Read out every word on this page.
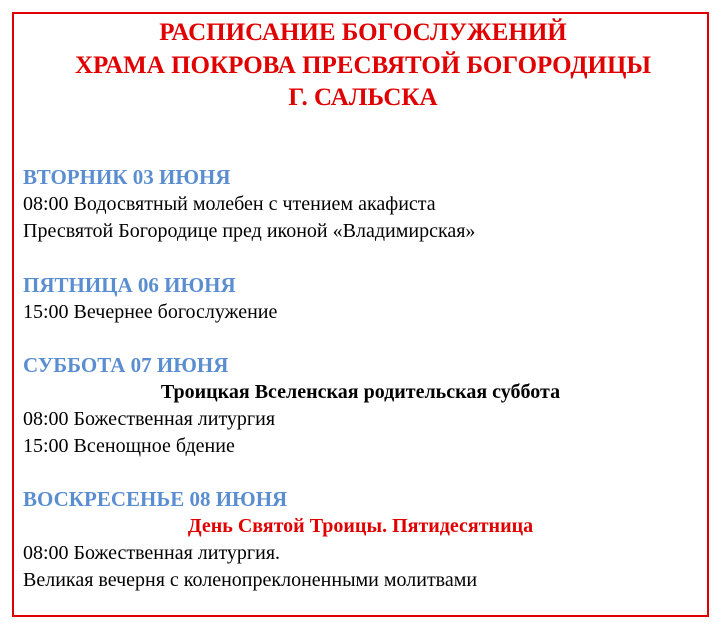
РАСПИСАНИЕ БОГОСЛУЖЕНИЙ
ХРАМА ПОКРОВА ПРЕСВЯТОЙ БОГОРОДИЦЫ
Г. САЛЬСКА
ВТОРНИК 03 ИЮНЯ
08:00 Водосвятный молебен с чтением акафиста
Пресвятой Богородице пред иконой «Владимирская»
ПЯТНИЦА 06 ИЮНЯ
15:00 Вечернее богослужение
СУББОТА 07 ИЮНЯ
Троицкая Вселенская родительская суббота
08:00 Божественная литургия
15:00 Всенощное бдение
ВОСКРЕСЕНЬЕ 08 ИЮНЯ
День Святой Троицы. Пятидесятница
08:00 Божественная литургия.
Великая вечерня с коленопреклоненными молитвами
